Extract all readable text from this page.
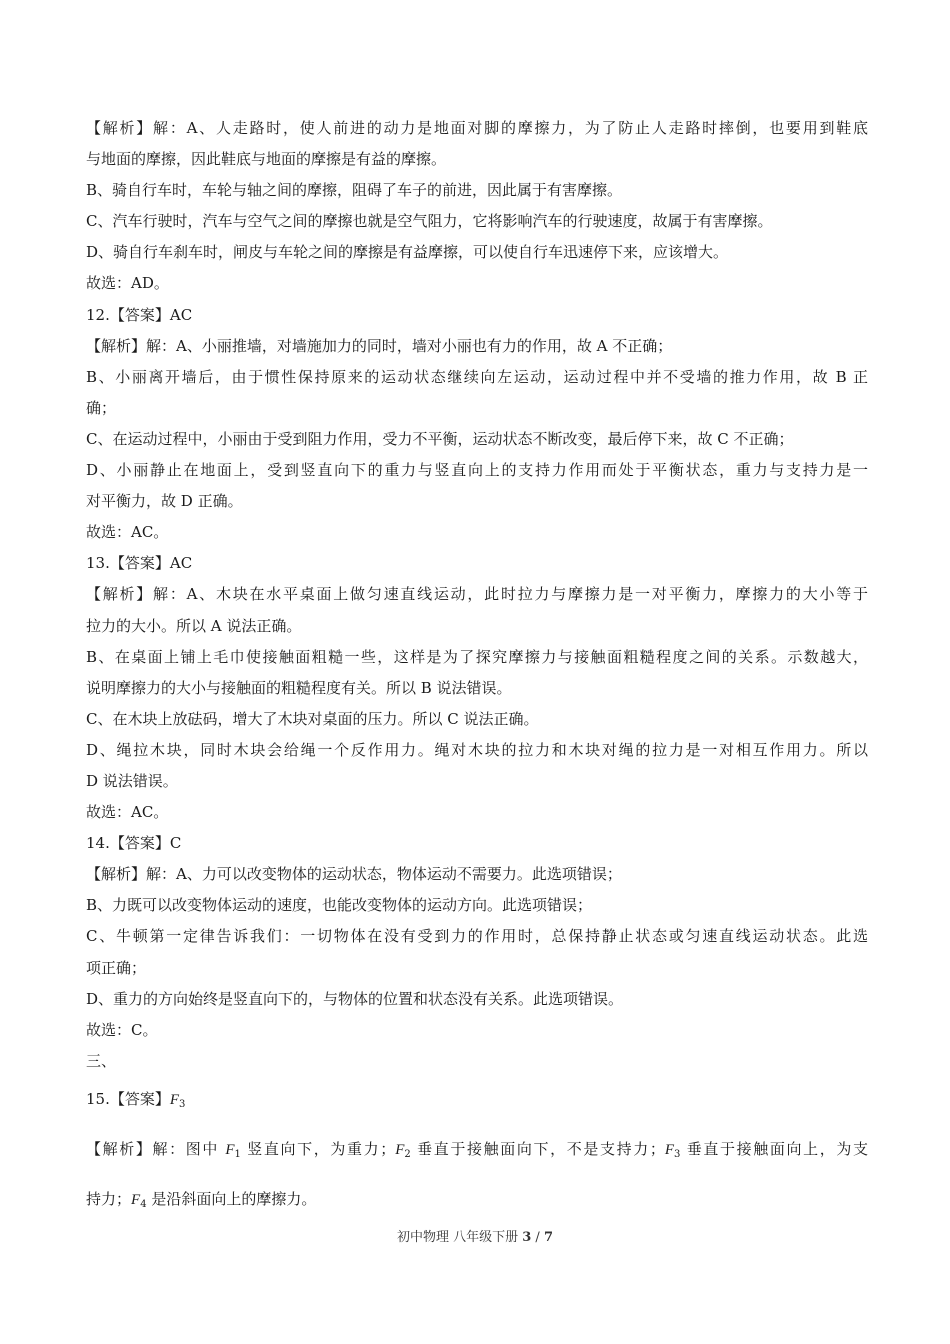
【解析】解：A、人走路时，使人前进的动力是地面对脚的摩擦力，为了防止人走路时摔倒，也要用到鞋底
与地面的摩擦，因此鞋底与地面的摩擦是有益的摩擦。
B、骑自行车时，车轮与轴之间的摩擦，阻碍了车子的前进，因此属于有害摩擦。
C、汽车行驶时，汽车与空气之间的摩擦也就是空气阻力，它将影响汽车的行驶速度，故属于有害摩擦。
D、骑自行车刹车时，闸皮与车轮之间的摩擦是有益摩擦，可以使自行车迅速停下来，应该增大。
故选：AD。
12.【答案】AC
【解析】解：A、小丽推墙，对墙施加力的同时，墙对小丽也有力的作用，故 A 不正确；
B、小丽离开墙后，由于惯性保持原来的运动状态继续向左运动，运动过程中并不受墙的推力作用，故 B 正
确；
C、在运动过程中，小丽由于受到阻力作用，受力不平衡，运动状态不断改变，最后停下来，故 C 不正确；
D、小丽静止在地面上，受到竖直向下的重力与竖直向上的支持力作用而处于平衡状态，重力与支持力是一
对平衡力，故 D 正确。
故选：AC。
13.【答案】AC
【解析】解：A、木块在水平桌面上做匀速直线运动，此时拉力与摩擦力是一对平衡力，摩擦力的大小等于
拉力的大小。所以 A 说法正确。
B、在桌面上铺上毛巾使接触面粗糙一些，这样是为了探究摩擦力与接触面粗糙程度之间的关系。示数越大，
说明摩擦力的大小与接触面的粗糙程度有关。所以 B 说法错误。
C、在木块上放砝码，增大了木块对桌面的压力。所以 C 说法正确。
D、绳拉木块，同时木块会给绳一个反作用力。绳对木块的拉力和木块对绳的拉力是一对相互作用力。所以
D 说法错误。
故选：AC。
14.【答案】C
【解析】解：A、力可以改变物体的运动状态，物体运动不需要力。此选项错误；
B、力既可以改变物体运动的速度，也能改变物体的运动方向。此选项错误；
C、牛顿第一定律告诉我们：一切物体在没有受到力的作用时，总保持静止状态或匀速直线运动状态。此选
项正确；
D、重力的方向始终是竖直向下的，与物体的位置和状态没有关系。此选项错误。
故选：C。
三、
15.【答案】$F_3$
【解析】解：图中 $F_1$ 竖直向下，为重力；$F_2$ 垂直于接触面向下，不是支持力；$F_3$ 垂直于接触面向上，为支
持力；$F_4$ 是沿斜面向上的摩擦力。
初中物理 八年级下册 3 / 7
